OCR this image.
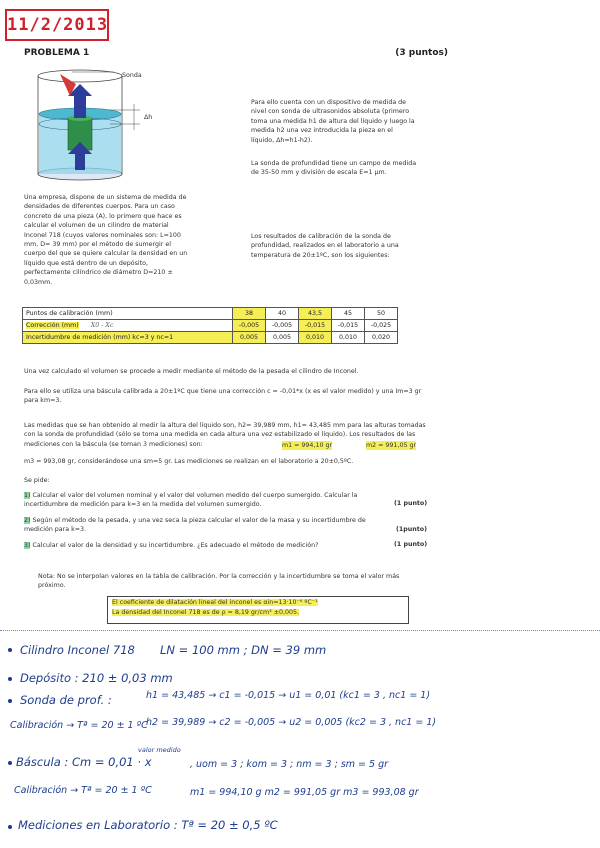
11/2/2013
PROBLEMA 1	(3 puntos)
Sonda
Δh
Para ello cuenta con un dispositivo de medida de nivel con sonda de ultrasonidos absoluta (primero toma una medida h1 de altura del líquido y luego la medida h2 una vez introducida la pieza en el líquido, Δh=h1-h2).
La sonda de profundidad tiene un campo de medida de 35-50 mm y división de escala E=1 µm.
Los resultados de calibración de la sonda de profundidad, realizados en el laboratorio a una temperatura de 20±1ºC, son los siguientes:
Una empresa, dispone de un sistema de medida de densidades de diferentes cuerpos. Para un caso concreto de una pieza (A), lo primero que hace es calcular el volumen de un cilindro de material Inconel 718 (cuyos valores nominales son: L=100 mm, D= 39 mm) por el método de sumergir el cuerpo del que se quiere calcular la densidad en un líquido que está dentro de un depósito, perfectamente cilíndrico de diámetro D=210 ± 0,03mm.
Puntos de calibración (mm)	38	40	43,5	45	50
Corrección (mm) X0 - Xc	-0,005	-0,005	-0,015	-0,015	-0,025
Incertidumbre de medición (mm) kc=3 y nc=1	0,005	0,005	0,010	0,010	0,020
Una vez calculado el volumen se procede a medir mediante el método de la pesada el cilindro de Inconel.
Para ello se utiliza una báscula calibrada a 20±1ºC que tiene una corrección c = -0,01*x (x es el valor medido) y una Im=3 gr para km=3.
Las medidas que se han obtenido al medir la altura del líquido son, h2= 39,989 mm, h1= 43,485 mm para las alturas tomadas con la sonda de profundidad (sólo se toma una medida en cada altura una vez estabilizado el líquido). Los resultados de las mediciones con la báscula (se toman 3 mediciones) son:	m1 = 994,10 gr	m2 = 991,05 gr
m3 = 993,08 gr, considerándose una sm=5 gr. Las mediciones se realizan en el laboratorio a 20±0,5ºC.
Se pide:
1) Calcular el valor del volumen nominal y el valor del volumen medido del cuerpo sumergido. Calcular la incertidumbre de medición para k=3 en la medida del volumen sumergido.	(1 punto)
2) Según el método de la pesada, y una vez seca la pieza calcular el valor de la masa y su incertidumbre de medición para k=3.	(1punto)
3) Calcular el valor de la densidad y su incertidumbre. ¿Es adecuado el método de medición?	(1 punto)
Nota: No se interpolan valores en la tabla de calibración. Por la corrección y la incertidumbre se toma el valor más próximo.
El coeficiente de dilatación lineal del inconel es αin=13·10⁻⁶ ºC⁻¹
La densidad del Inconel 718 es de ρ = 8,19 gr/cm³ ±0,005.
Cilindro Inconel 718 LN = 100 mm ; DN = 39 mm
Depósito : 210 ± 0,03 mm
Sonda de prof. :	h1 = 43,485 → c1 = -0,015 → u1 = 0,01 (kc1 = 3 , nc1 = 1)
Calibración → Tª = 20 ± 1 ºC
h2 = 39,989 → c2 = -0,005 → u2 = 0,005 (kc2 = 3 , nc1 = 1)
Báscula : Cm = 0,01 · x
valor medido
, uom = 3 ; kom = 3 ; nm = 3 ; sm = 5 gr
Calibración → Tª = 20 ± 1 ºC	m1 = 994,10 g m2 = 991,05 gr m3 = 993,08 gr
Mediciones en Laboratorio : Tª = 20 ± 0,5 ºC
